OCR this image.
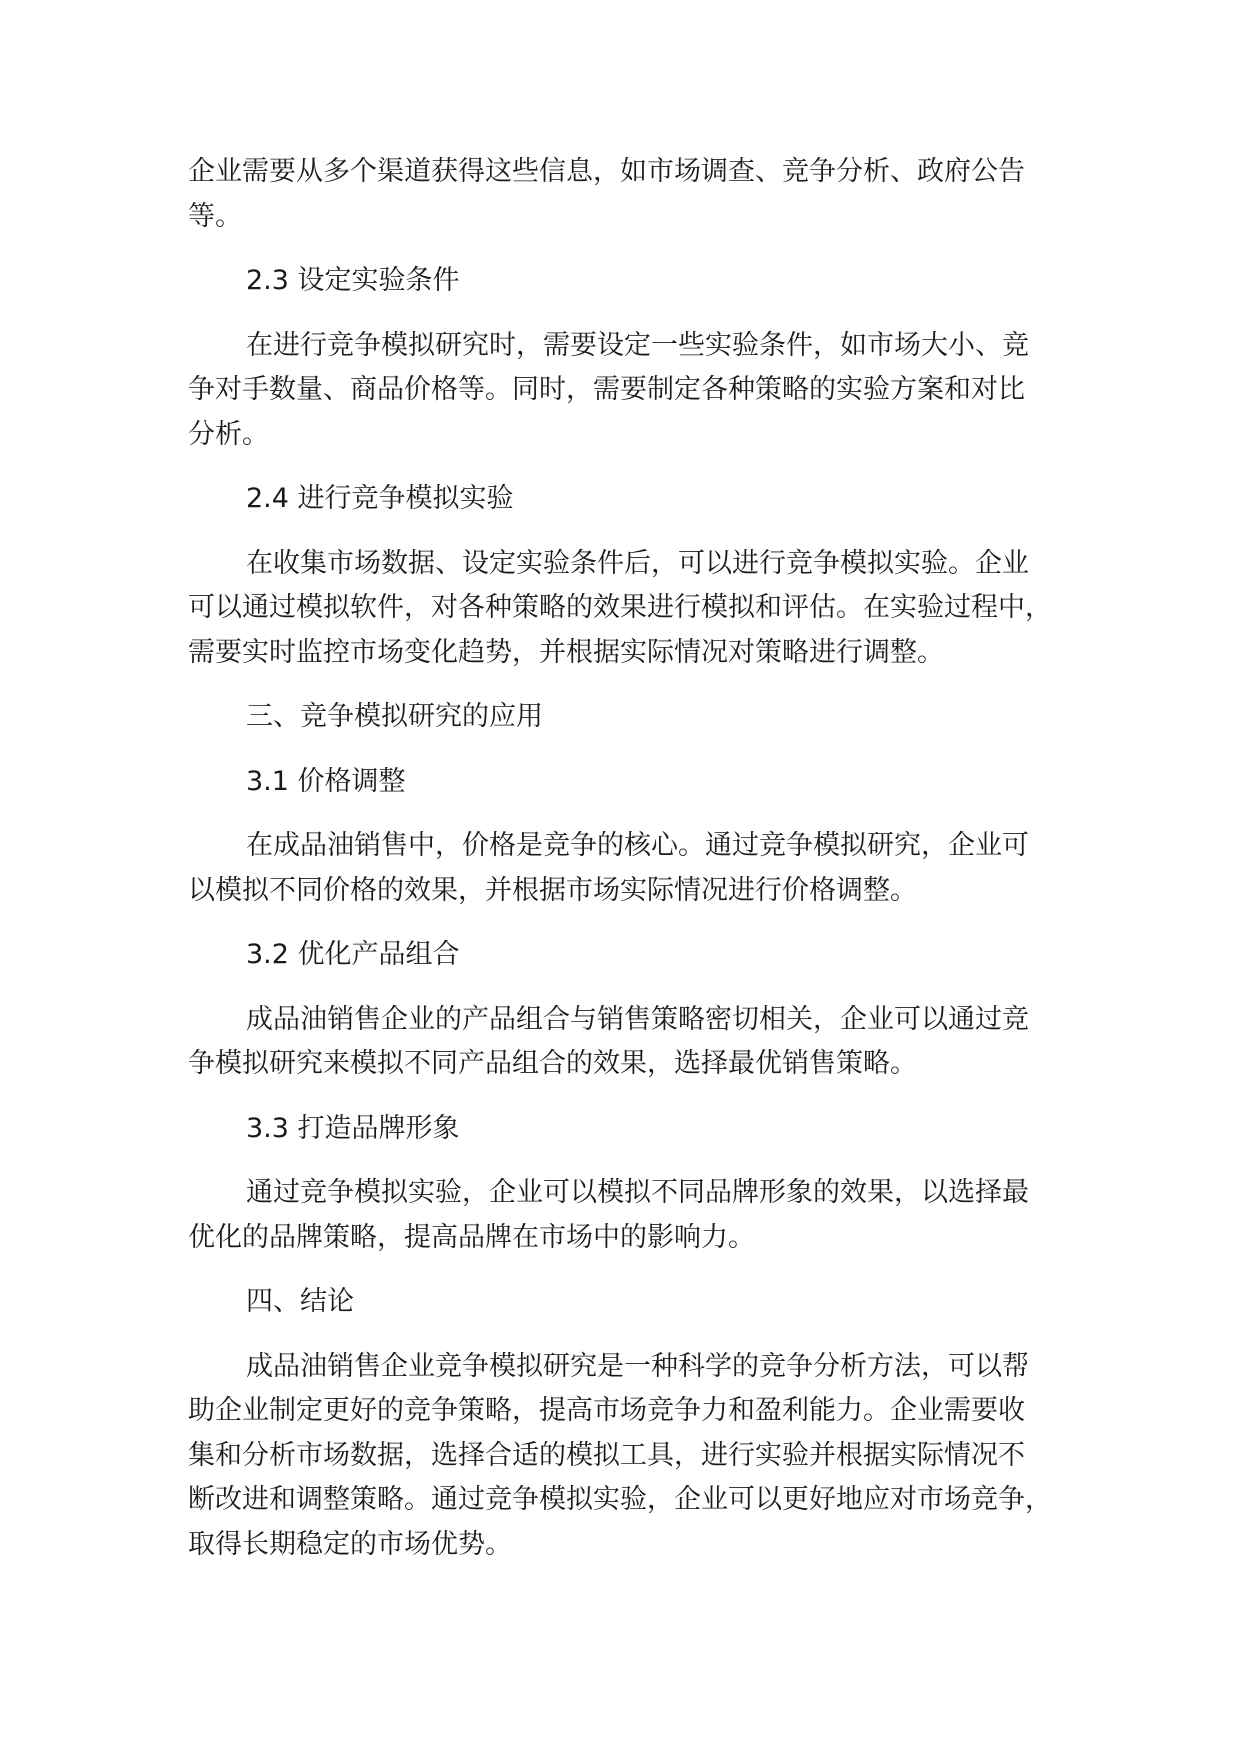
企业需要从多个渠道获得这些信息，如市场调查、竞争分析、政府公告
等。
2.3 设定实验条件
在进行竞争模拟研究时，需要设定一些实验条件，如市场大小、竞
争对手数量、商品价格等。同时，需要制定各种策略的实验方案和对比
分析。
2.4 进行竞争模拟实验
在收集市场数据、设定实验条件后，可以进行竞争模拟实验。企业
可以通过模拟软件，对各种策略的效果进行模拟和评估。在实验过程中，
需要实时监控市场变化趋势，并根据实际情况对策略进行调整。
三、竞争模拟研究的应用
3.1 价格调整
在成品油销售中，价格是竞争的核心。通过竞争模拟研究，企业可
以模拟不同价格的效果，并根据市场实际情况进行价格调整。
3.2 优化产品组合
成品油销售企业的产品组合与销售策略密切相关，企业可以通过竞
争模拟研究来模拟不同产品组合的效果，选择最优销售策略。
3.3 打造品牌形象
通过竞争模拟实验，企业可以模拟不同品牌形象的效果，以选择最
优化的品牌策略，提高品牌在市场中的影响力。
四、结论
成品油销售企业竞争模拟研究是一种科学的竞争分析方法，可以帮
助企业制定更好的竞争策略，提高市场竞争力和盈利能力。企业需要收
集和分析市场数据，选择合适的模拟工具，进行实验并根据实际情况不
断改进和调整策略。通过竞争模拟实验，企业可以更好地应对市场竞争，
取得长期稳定的市场优势。
